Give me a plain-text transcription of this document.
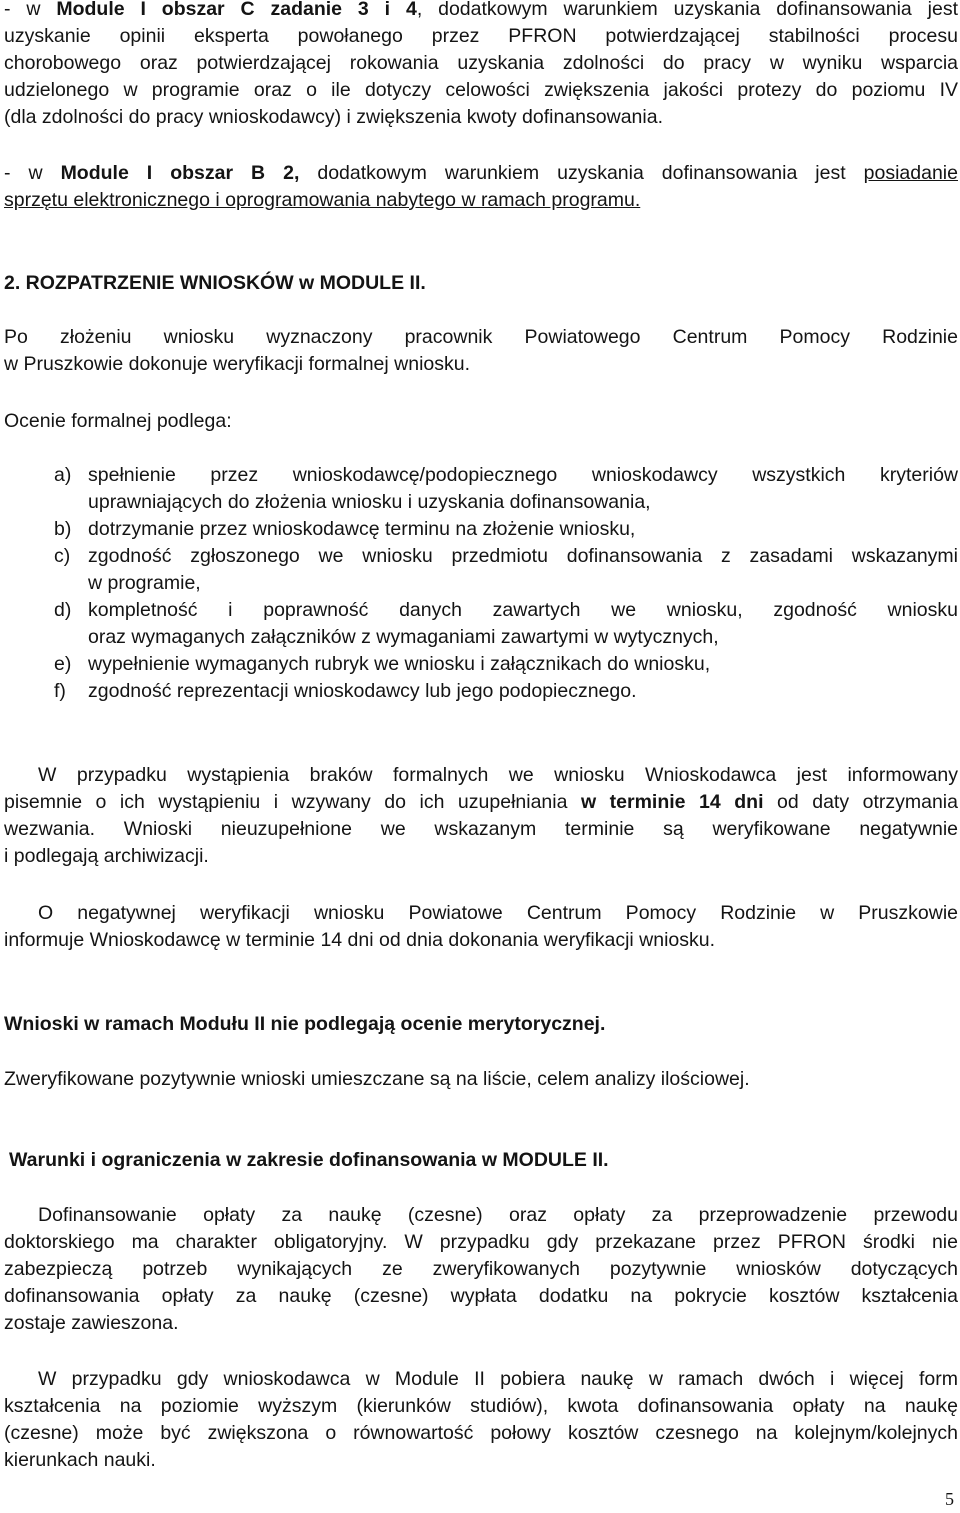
- w Module I obszar C zadanie 3 i 4, dodatkowym warunkiem uzyskania dofinansowania jest
uzyskanie opinii eksperta powołanego przez PFRON potwierdzającej stabilności procesu
chorobowego oraz potwierdzającej rokowania uzyskania zdolności do pracy w wyniku wsparcia
udzielonego w programie oraz o ile dotyczy celowości zwiększenia jakości protezy do poziomu IV
(dla zdolności do pracy wnioskodawcy) i zwiększenia kwoty dofinansowania.
- w Module I obszar B 2, dodatkowym warunkiem uzyskania dofinansowania jest posiadanie
sprzętu elektronicznego i oprogramowania nabytego w ramach programu.
2. ROZPATRZENIE WNIOSKÓW w MODULE II.
Po złożeniu wniosku wyznaczony pracownik Powiatowego Centrum Pomocy Rodzinie
w Pruszkowie dokonuje weryfikacji formalnej wniosku.
Ocenie formalnej podlega:
a) spełnienie przez wnioskodawcę/podopiecznego wnioskodawcy wszystkich kryteriów
uprawniających do złożenia wniosku i uzyskania dofinansowania,
b) dotrzymanie przez wnioskodawcę terminu na złożenie wniosku,
c) zgodność zgłoszonego we wniosku przedmiotu dofinansowania z zasadami wskazanymi
w programie,
d) kompletność i poprawność danych zawartych we wniosku, zgodność wniosku
oraz wymaganych załączników z wymaganiami zawartymi w wytycznych,
e) wypełnienie wymaganych rubryk we wniosku i załącznikach do wniosku,
f) zgodność reprezentacji wnioskodawcy lub jego podopiecznego.
W przypadku wystąpienia braków formalnych we wniosku Wnioskodawca jest informowany
pisemnie o ich wystąpieniu i wzywany do ich uzupełniania w terminie 14 dni od daty otrzymania
wezwania. Wnioski nieuzupełnione we wskazanym terminie są weryfikowane negatywnie
i podlegają archiwizacji.
O negatywnej weryfikacji wniosku Powiatowe Centrum Pomocy Rodzinie w Pruszkowie
informuje Wnioskodawcę w terminie 14 dni od dnia dokonania weryfikacji wniosku.
Wnioski w ramach Modułu II nie podlegają ocenie merytorycznej.
Zweryfikowane pozytywnie wnioski umieszczane są na liście, celem analizy ilościowej.
Warunki i ograniczenia w zakresie dofinansowania w MODULE II.
Dofinansowanie opłaty za naukę (czesne) oraz opłaty za przeprowadzenie przewodu
doktorskiego ma charakter obligatoryjny. W przypadku gdy przekazane przez PFRON środki nie
zabezpieczą potrzeb wynikających ze zweryfikowanych pozytywnie wniosków dotyczących
dofinansowania opłaty za naukę (czesne) wypłata dodatku na pokrycie kosztów kształcenia
zostaje zawieszona.
W przypadku gdy wnioskodawca w Module II pobiera naukę w ramach dwóch i więcej form
kształcenia na poziomie wyższym (kierunków studiów), kwota dofinansowania opłaty na naukę
(czesne) może być zwiększona o równowartość połowy kosztów czesnego na kolejnym/kolejnych
kierunkach nauki.
5
